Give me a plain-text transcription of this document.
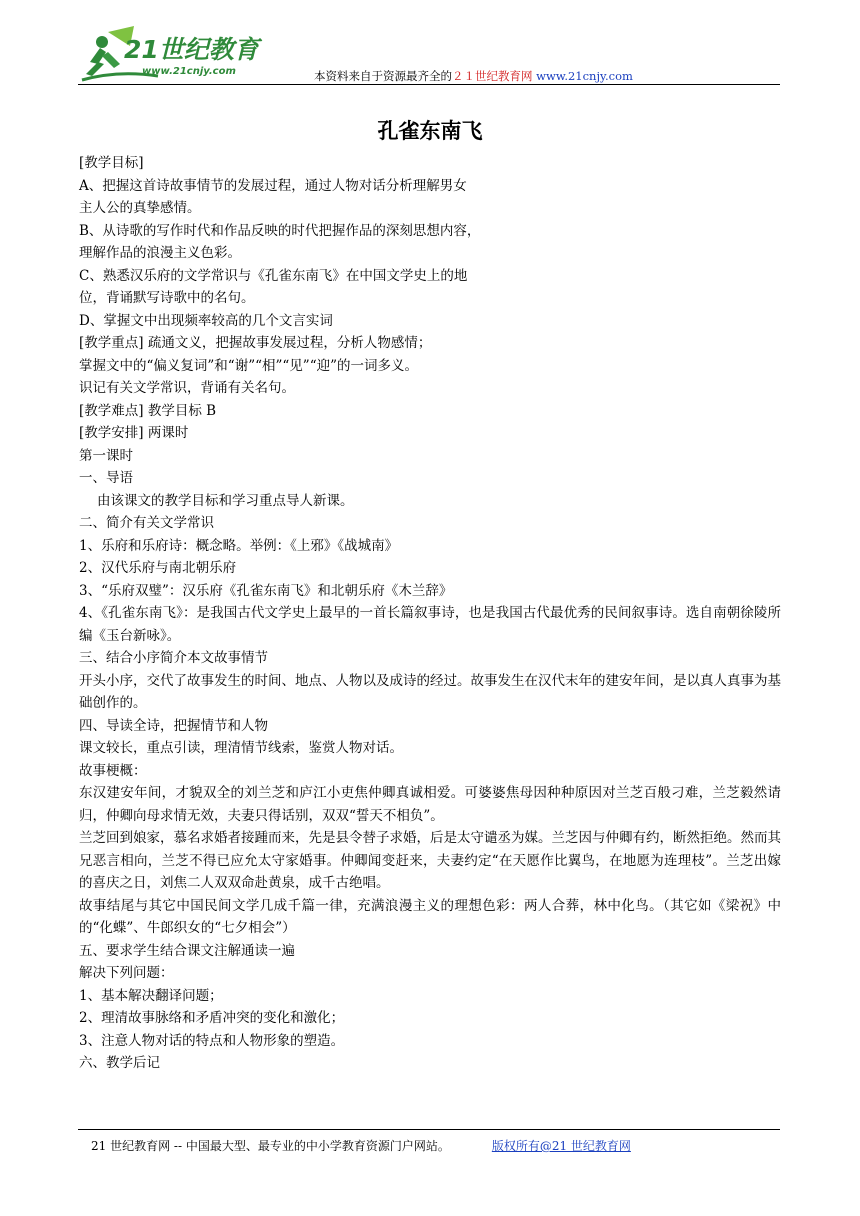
21世纪教育
www.21cnjy.com	本资料来自于资源最齐全的２１世纪教育网 www.21cnjy.com
孔雀东南飞

[教学目标]

A、把握这首诗故事情节的发展过程，通过人物对话分析理解男女

主人公的真挚感情。

B、从诗歌的写作时代和作品反映的时代把握作品的深刻思想内容，

理解作品的浪漫主义色彩。

C、熟悉汉乐府的文学常识与《孔雀东南飞》在中国文学史上的地

位，背诵默写诗歌中的名句。

D、掌握文中出现频率较高的几个文言实词

[教学重点] 疏通文义，把握故事发展过程，分析人物感情；

掌握文中的“偏义复词”和“谢”“相”“见”“迎”的一词多义。

识记有关文学常识，背诵有关名句。

[教学难点] 教学目标 B

[教学安排] 两课时

第一课时

一、导语

由该课文的教学目标和学习重点导人新课。

二、简介有关文学常识

1、乐府和乐府诗：概念略。举例：《上邪》《战城南》

2、汉代乐府与南北朝乐府

3、“乐府双璧”：汉乐府《孔雀东南飞》和北朝乐府《木兰辞》

4、《孔雀东南飞》：是我国古代文学史上最早的一首长篇叙事诗，也是我国古代最优秀的民间叙事诗。选自南朝徐陵所编《玉台新咏》。

三、结合小序简介本文故事情节

开头小序，交代了故事发生的时间、地点、人物以及成诗的经过。故事发生在汉代末年的建安年间，是以真人真事为基础创作的。

四、导读全诗，把握情节和人物

课文较长，重点引读，理清情节线索，鉴赏人物对话。

故事梗概：

东汉建安年间，才貌双全的刘兰芝和庐江小吏焦仲卿真诚相爱。可婆婆焦母因种种原因对兰芝百般刁难，兰芝毅然请归，仲卿向母求情无效，夫妻只得话别，双双“誓天不相负”。

兰芝回到娘家，慕名求婚者接踵而来，先是县令替子求婚，后是太守谴丞为媒。兰芝因与仲卿有约，断然拒绝。然而其兄恶言相向，兰芝不得已应允太守家婚事。仲卿闻变赶来，夫妻约定“在天愿作比翼鸟，在地愿为连理枝”。兰芝出嫁的喜庆之日，刘焦二人双双命赴黄泉，成千古绝唱。

故事结尾与其它中国民间文学几成千篇一律，充满浪漫主义的理想色彩：两人合葬，林中化鸟。（其它如《梁祝》中的“化蝶”、牛郎织女的“七夕相会”）

五、要求学生结合课文注解通读一遍

解决下列问题：

1、基本解决翻译问题；

2、理清故事脉络和矛盾冲突的变化和激化；

3、注意人物对话的特点和人物形象的塑造。

六、教学后记

21 世纪教育网 -- 中国最大型、最专业的中小学教育资源门户网站。	版权所有@21 世纪教育网
